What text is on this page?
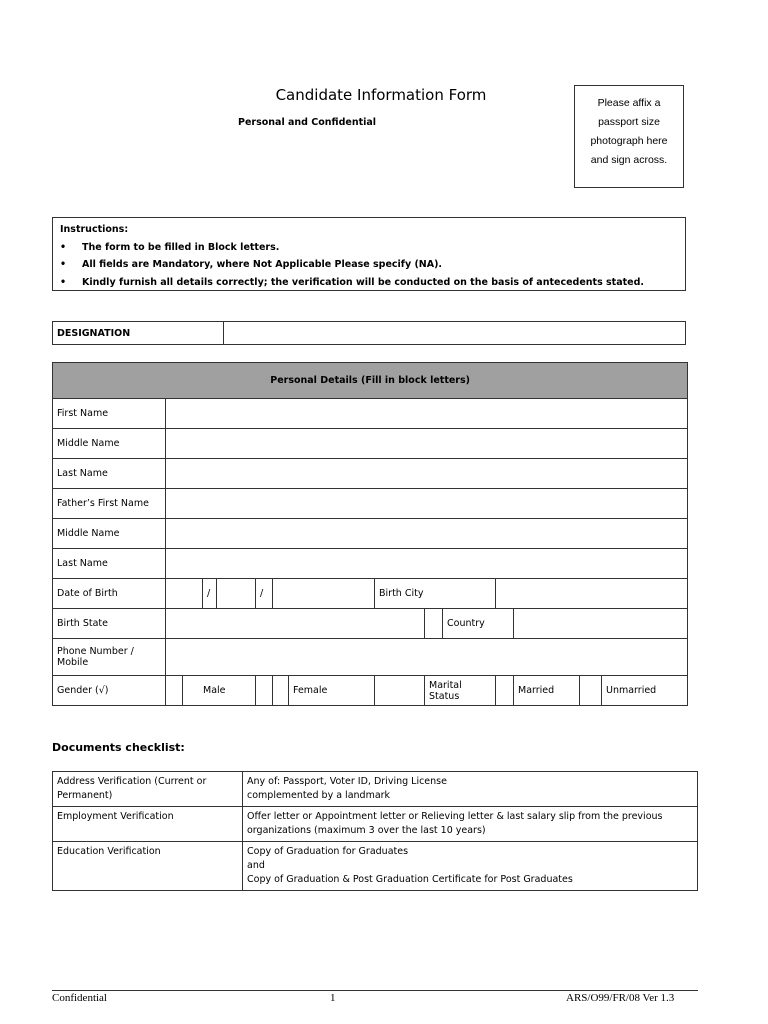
Candidate Information Form
Personal and Confidential
Please affix a
passport size
photograph here
and sign across.
Instructions:
• The form to be filled in Block letters.
• All fields are Mandatory, where Not Applicable Please specify (NA).
• Kindly furnish all details correctly; the verification will be conducted on the basis of antecedents stated.
DESIGNATION	
Personal Details (Fill in block letters)														
First Name														
Middle Name														
Last Name														
Father’s First Name														
Middle Name														
Last Name														
Date of Birth			/		/			Birth City						
Birth State										Country				
Phone Number / Mobile														
Gender (√)		Male					Female		Marital Status			Married		Unmarried
Documents checklist:
Address Verification (Current or Permanent)	Any of: Passport, Voter ID, Driving License
complemented by a landmark

Employment Verification	Offer letter or Appointment letter or Relieving letter & last salary slip from the previous organizations (maximum 3 over the last 10 years)
Education Verification	Copy of Graduation for Graduates
and
Copy of Graduation & Post Graduation Certificate for Post Graduates
Confidential	1	ARS/O99/FR/08 Ver 1.3
